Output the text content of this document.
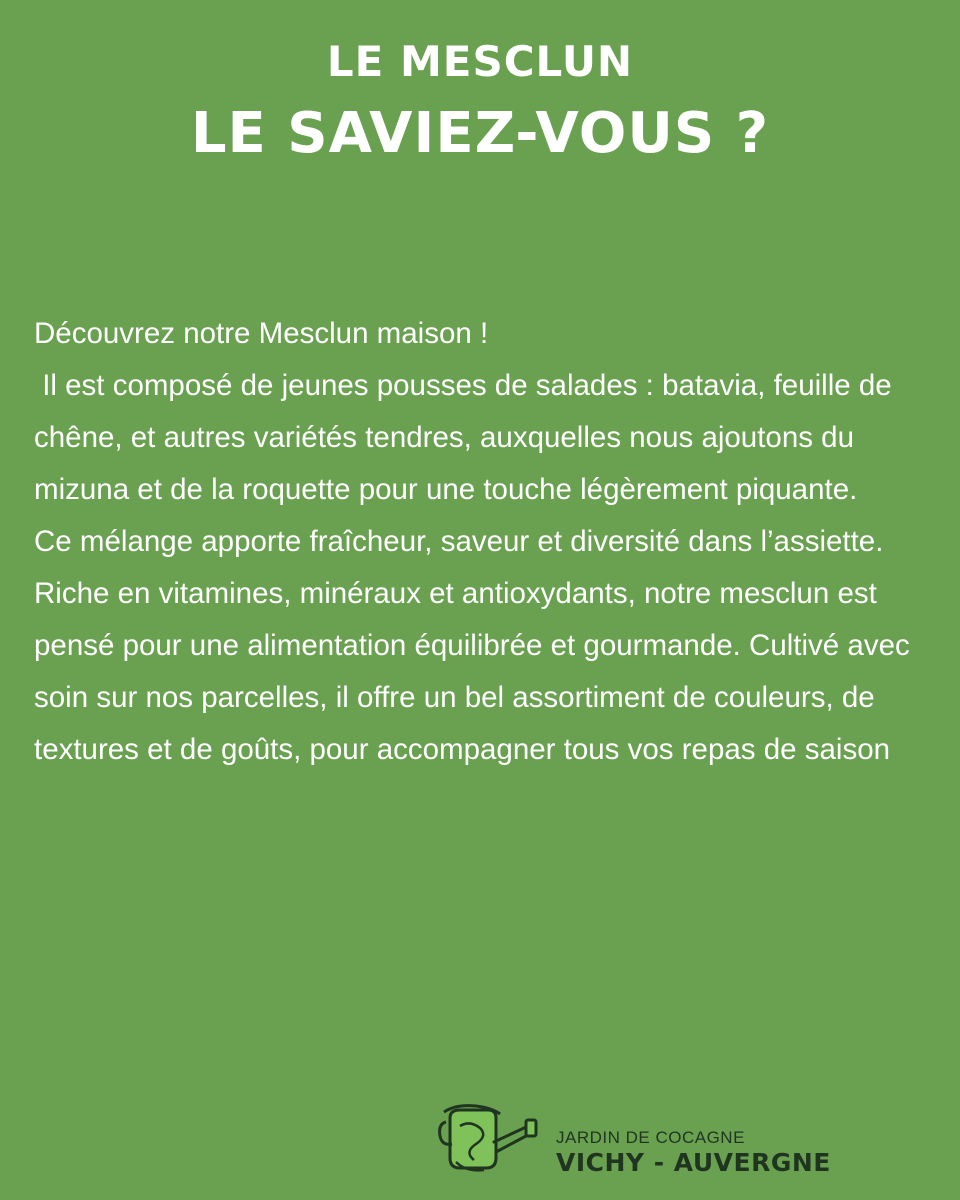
LE MESCLUN
LE SAVIEZ-VOUS ?

Découvrez notre Mesclun maison !

Il est composé de jeunes pousses de salades : batavia, feuille de chêne, et autres variétés tendres, auxquelles nous ajoutons du mizuna et de la roquette pour une touche légèrement piquante.

Ce mélange apporte fraîcheur, saveur et diversité dans l’assiette. Riche en vitamines, minéraux et antioxydants, notre mesclun est pensé pour une alimentation équilibrée et gourmande. Cultivé avec soin sur nos parcelles, il offre un bel assortiment de couleurs, de textures et de goûts, pour accompagner tous vos repas de saison

JARDIN DE COCAGNE
VICHY - AUVERGNE
